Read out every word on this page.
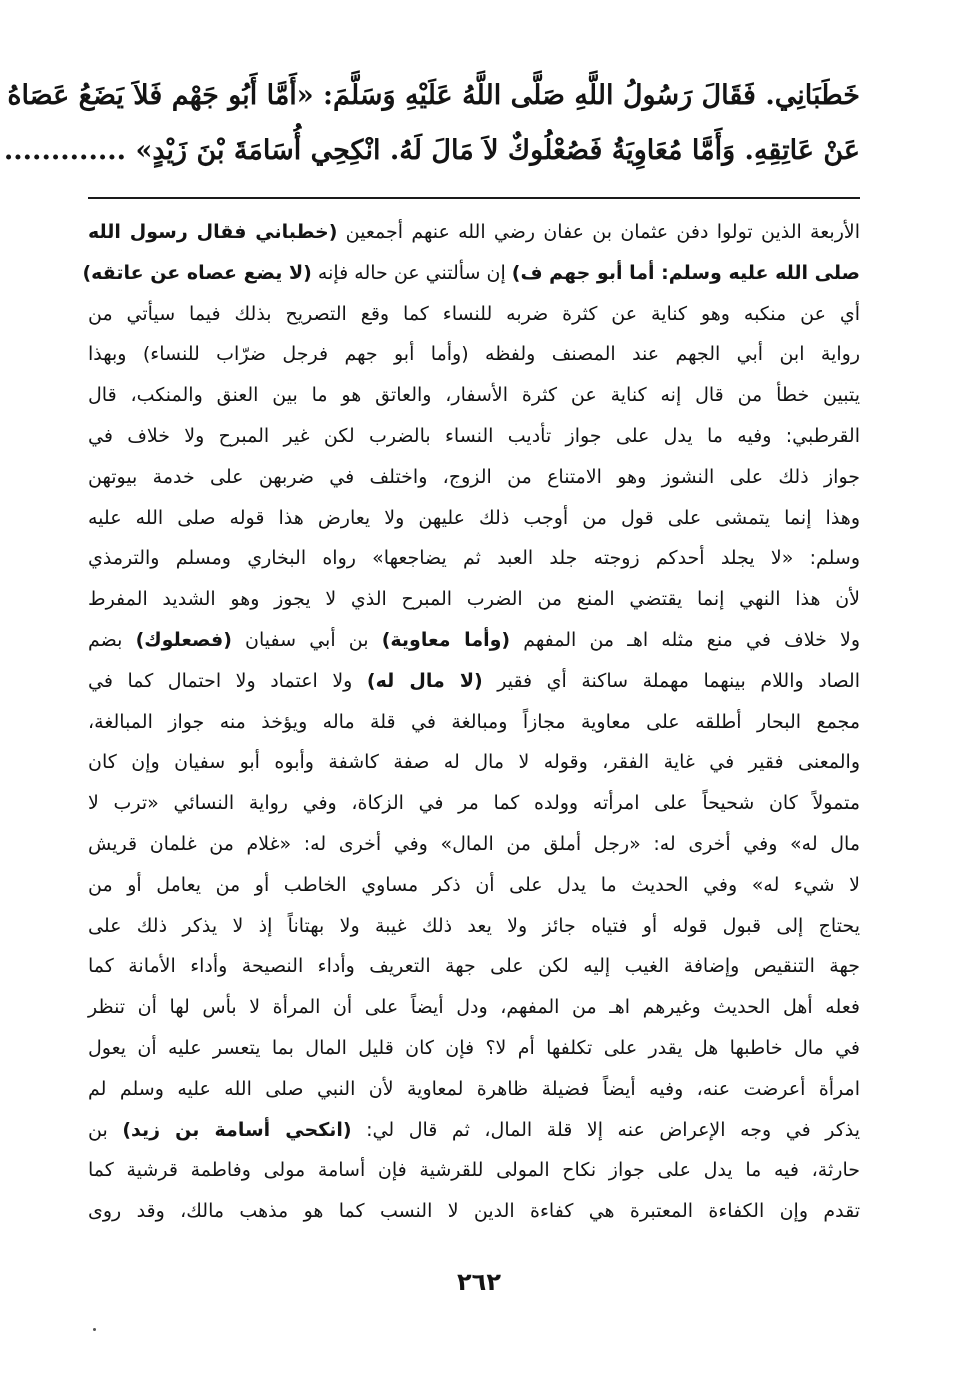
خَطَبَانِي. فَقَالَ رَسُولُ اللَّهِ صَلَّى اللَّهُ عَلَيْهِ وَسَلَّمَ: «أَمَّا أَبُو جَهْم فَلاَ يَضَعُ عَصَاهُ
عَنْ عَاتِقِهِ. وَأَمَّا مُعَاوِيَةُ فَصُعْلُوكٌ لاَ مَالَ لَهُ. انْكِحِي أُسَامَةَ بْنَ زَيْدٍ» .............
الأربعة الذين تولوا دفن عثمان بن عفان رضي الله عنهم أجمعين (خطباني فقال رسول الله
صلى الله عليه وسلم: أما أبو جهم ف) إن سألتني عن حاله فإنه (لا يضع عصاه عن عاتقه)
أي عن منكبه وهو كناية عن كثرة ضربه للنساء كما وقع التصريح بذلك فيما سيأتي من
رواية ابن أبي الجهم عند المصنف ولفظه (وأما أبو جهم فرجل ضرّاب للنساء) وبهذا
يتبين خطأ من قال إنه كناية عن كثرة الأسفار، والعاتق هو ما بين العنق والمنكب، قال
القرطبي: وفيه ما يدل على جواز تأديب النساء بالضرب لكن غير المبرح ولا خلاف في
جواز ذلك على النشوز وهو الامتناع من الزوج، واختلف في ضربهن على خدمة بيوتهن
وهذا إنما يتمشى على قول من أوجب ذلك عليهن ولا يعارض هذا قوله صلى الله عليه
وسلم: «لا يجلد أحدكم زوجته جلد العبد ثم يضاجعها» رواه البخاري ومسلم والترمذي
لأن هذا النهي إنما يقتضي المنع من الضرب المبرح الذي لا يجوز وهو الشديد المفرط
ولا خلاف في منع مثله اهـ من المفهم (وأما معاوية) بن أبي سفيان (فصعلوك) بضم
الصاد واللام بينهما مهملة ساكنة أي فقير (لا مال له) ولا اعتماد ولا احتمال كما في
مجمع البحار أطلقه على معاوية مجازاً ومبالغة في قلة ماله ويؤخذ منه جواز المبالغة،
والمعنى فقير في غاية الفقر، وقوله لا مال له صفة كاشفة وأبوه أبو سفيان وإن كان
متمولاً كان شحيحاً على امرأته وولده كما مر في الزكاة، وفي رواية النسائي «ترب لا
مال له» وفي أخرى له: «رجل أملق من المال» وفي أخرى له: «غلام من غلمان قريش
لا شيء له» وفي الحديث ما يدل على أن ذكر مساوي الخاطب أو من يعامل أو من
يحتاج إلى قبول قوله أو فتياه جائز ولا يعد ذلك غيبة ولا بهتاناً إذ لا يذكر ذلك على
جهة التنقيص وإضافة الغيب إليه لكن على جهة التعريف وأداء النصيحة وأداء الأمانة كما
فعله أهل الحديث وغيرهم اهـ من المفهم، ودل أيضاً على أن المرأة لا بأس لها أن تنظر
في مال خاطبها هل يقدر على تكلفها أم لا؟ فإن كان قليل المال بما يتعسر عليه أن يعول
امرأة أعرضت عنه، وفيه أيضاً فضيلة ظاهرة لمعاوية لأن النبي صلى الله عليه وسلم لم
يذكر في وجه الإعراض عنه إلا قلة المال، ثم قال لي: (انكحي أسامة بن زيد) بن
حارثة، فيه ما يدل على جواز نكاح المولى للقرشية فإن أسامة مولى وفاطمة قرشية كما
تقدم وإن الكفاءة المعتبرة هي كفاءة الدين لا النسب كما هو مذهب مالك، وقد روى
٢٦٢
